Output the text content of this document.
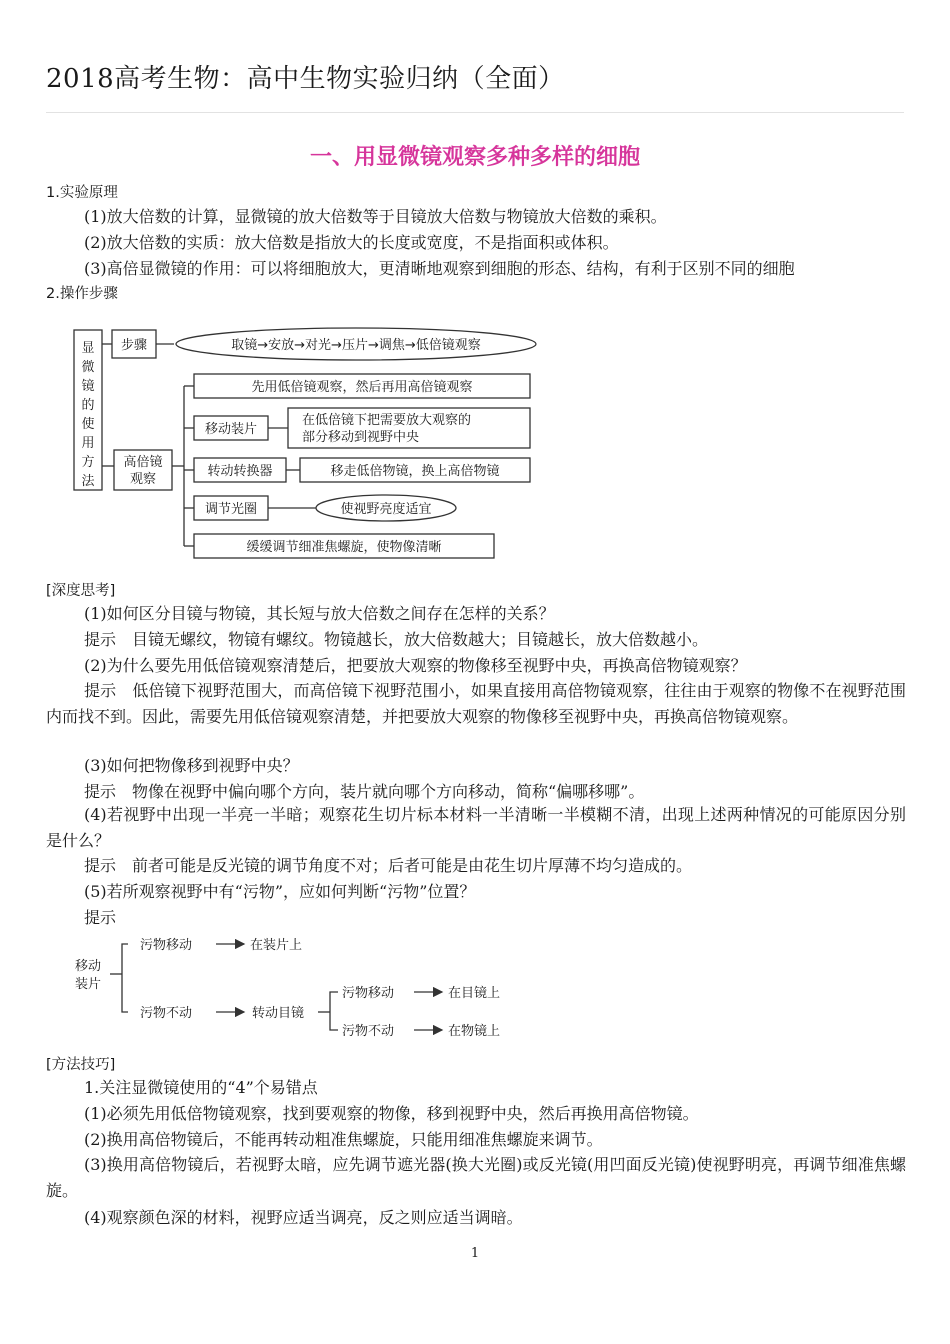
2018高考生物：高中生物实验归纳（全面）
一、用显微镜观察多种多样的细胞
1.实验原理
(1)放大倍数的计算，显微镜的放大倍数等于目镜放大倍数与物镜放大倍数的乘积。
(2)放大倍数的实质：放大倍数是指放大的长度或宽度，不是指面积或体积。
(3)高倍显微镜的作用：可以将细胞放大，更清晰地观察到细胞的形态、结构，有利于区别不同的细胞
2.操作步骤
显
微
镜
的
使
用
方
法
步骤	取镜→安放→对光→压片→调焦→低倍镜观察
高倍镜
观察
先用低倍镜观察，然后再用高倍镜观察
移动装片
在低倍镜下把需要放大观察的
部分移动到视野中央
转动转换器	移走低倍物镜，换上高倍物镜
调节光圈	使视野亮度适宜
缓缓调节细准焦螺旋，使物像清晰
[深度思考]
(1)如何区分目镜与物镜，其长短与放大倍数之间存在怎样的关系？
提示　目镜无螺纹，物镜有螺纹。物镜越长，放大倍数越大；目镜越长，放大倍数越小。
(2)为什么要先用低倍镜观察清楚后，把要放大观察的物像移至视野中央，再换高倍物镜观察？
提示　低倍镜下视野范围大，而高倍镜下视野范围小，如果直接用高倍物镜观察，往往由于观察的物像不在视野范围内而找不到。因此，需要先用低倍镜观察清楚，并把要放大观察的物像移至视野中央，再换高倍物镜观察。
(3)如何把物像移到视野中央？
提示　物像在视野中偏向哪个方向，装片就向哪个方向移动，简称“偏哪移哪”。
(4)若视野中出现一半亮一半暗；观察花生切片标本材料一半清晰一半模糊不清，出现上述两种情况的可能原因分别是什么？
提示　前者可能是反光镜的调节角度不对；后者可能是由花生切片厚薄不均匀造成的。
(5)若所观察视野中有“污物”，应如何判断“污物”位置？
提示
移动
装片
污物移动	在装片上
污物不动	转动目镜
污物移动	在目镜上
污物不动	在物镜上
[方法技巧]
1.关注显微镜使用的“4”个易错点
(1)必须先用低倍物镜观察，找到要观察的物像，移到视野中央，然后再换用高倍物镜。
(2)换用高倍物镜后，不能再转动粗准焦螺旋，只能用细准焦螺旋来调节。
(3)换用高倍物镜后，若视野太暗，应先调节遮光器(换大光圈)或反光镜(用凹面反光镜)使视野明亮，再调节细准焦螺旋。
(4)观察颜色深的材料，视野应适当调亮，反之则应适当调暗。
1
